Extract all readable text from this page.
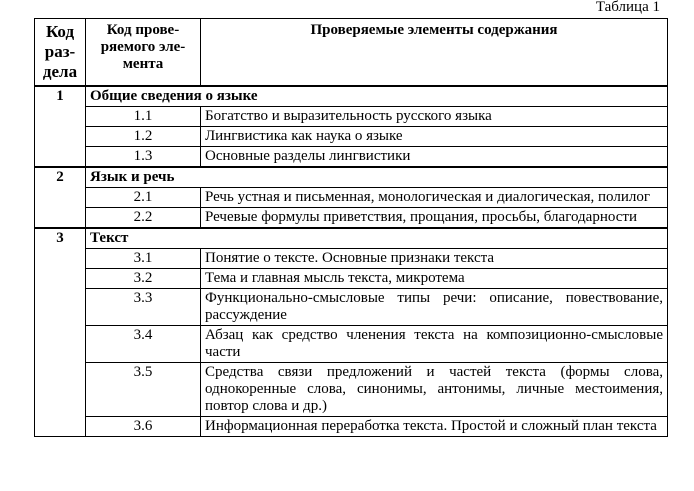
Таблица 1
Код раз-дела	Код прове-ряемого эле-мента	Проверяемые элементы содержания
1	Общие сведения о языке	
	1.1	Богатство и выразительность русского языка
	1.2	Лингвистика как наука о языке
	1.3	Основные разделы лингвистики
2	Язык и речь	
	2.1	Речь устная и письменная, монологическая и диалогическая, полилог
	2.2	Речевые формулы приветствия, прощания, просьбы, благодарности
3	Текст	
	3.1	Понятие о тексте. Основные признаки текста
	3.2	Тема и главная мысль текста, микротема
	3.3	Функционально-смысловые типы речи: описание, повествование, рассуждение
	3.4	Абзац как средство членения текста на композиционно-смысловые части
	3.5	Средства связи предложений и частей текста (формы слова, однокоренные слова, синонимы, антонимы, личные местоимения, повтор слова и др.)
	3.6	Информационная переработка текста. Простой и сложный план текста
